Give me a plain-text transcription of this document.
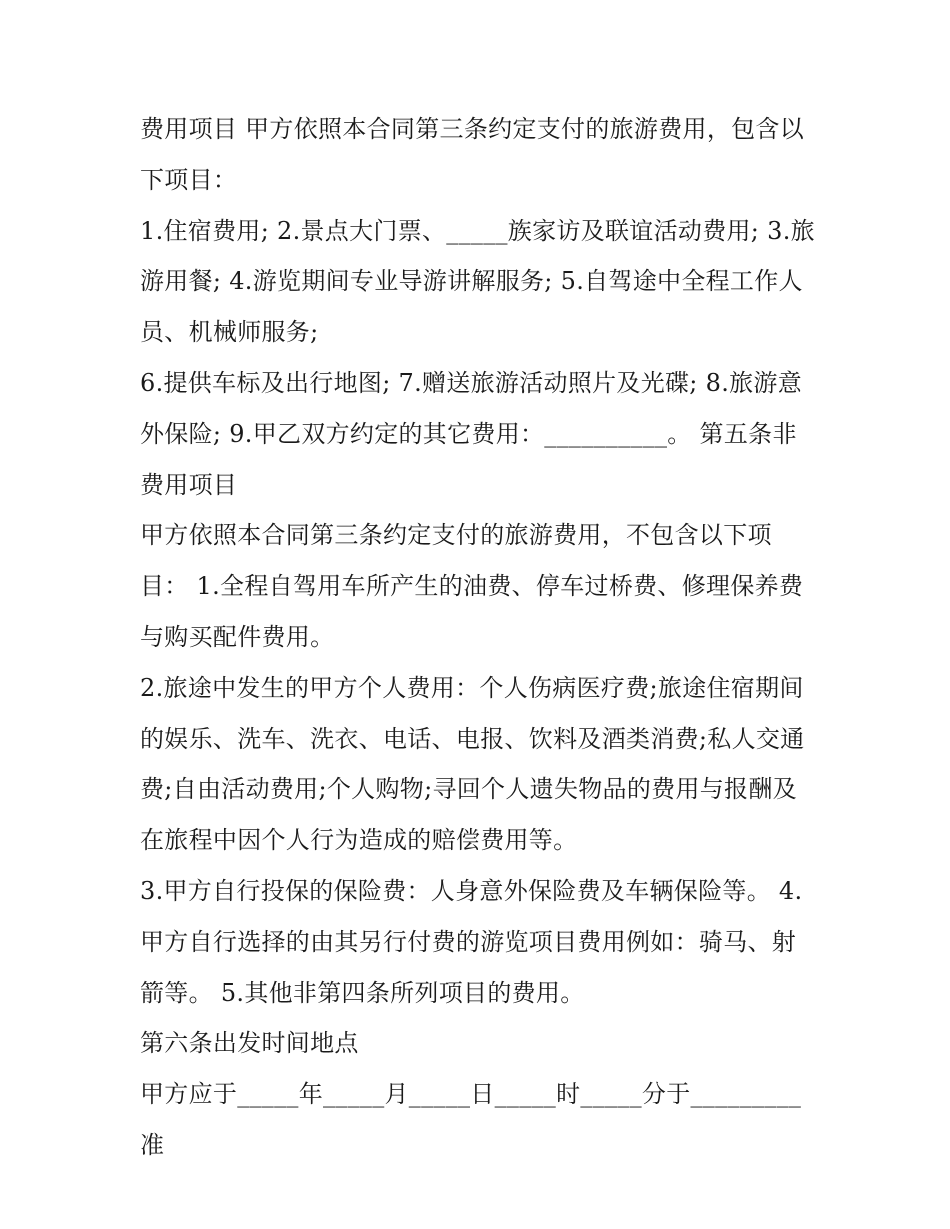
费用项目 甲方依照本合同第三条约定支付的旅游费用，包含以下项目：

1.住宿费用; 2.景点大门票、_____族家访及联谊活动费用; 3.旅游用餐; 4.游览期间专业导游讲解服务; 5.自驾途中全程工作人员、机械师服务;

6.提供车标及出行地图; 7.赠送旅游活动照片及光碟; 8.旅游意外保险; 9.甲乙双方约定的其它费用：__________。 第五条非费用项目

甲方依照本合同第三条约定支付的旅游费用，不包含以下项目： 1.全程自驾用车所产生的油费、停车过桥费、修理保养费与购买配件费用。

2.旅途中发生的甲方个人费用：个人伤病医疗费;旅途住宿期间的娱乐、洗车、洗衣、电话、电报、饮料及酒类消费;私人交通费;自由活动费用;个人购物;寻回个人遗失物品的费用与报酬及在旅程中因个人行为造成的赔偿费用等。

3.甲方自行投保的保险费：人身意外保险费及车辆保险等。 4.甲方自行选择的由其另行付费的游览项目费用例如：骑马、射箭等。 5.其他非第四条所列项目的费用。

第六条出发时间地点

甲方应于_____年_____月_____日_____时_____分于_________准
